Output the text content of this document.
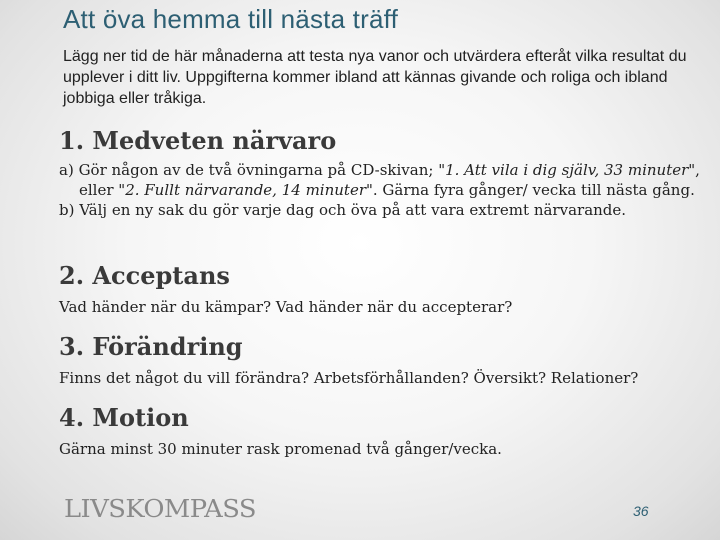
Att öva hemma till nästa träff
Lägg ner tid de här månaderna att testa nya vanor och utvärdera efteråt vilka resultat du upplever i ditt liv. Uppgifterna kommer ibland att kännas givande och roliga och ibland jobbiga eller tråkiga.
1. Medveten närvaro
a) Gör någon av de två övningarna på CD-skivan; "1. Att vila i dig själv, 33 minuter", eller "2. Fullt närvarande, 14 minuter". Gärna fyra gånger/ vecka till nästa gång.
b) Välj en ny sak du gör varje dag och öva på att vara extremt närvarande.
2. Acceptans
Vad händer när du kämpar? Vad händer när du accepterar?
3. Förändring
Finns det något du vill förändra? Arbetsförhållanden? Översikt? Relationer?
4. Motion
Gärna minst 30 minuter rask promenad två gånger/vecka.
LIVSKOMPASS	36
